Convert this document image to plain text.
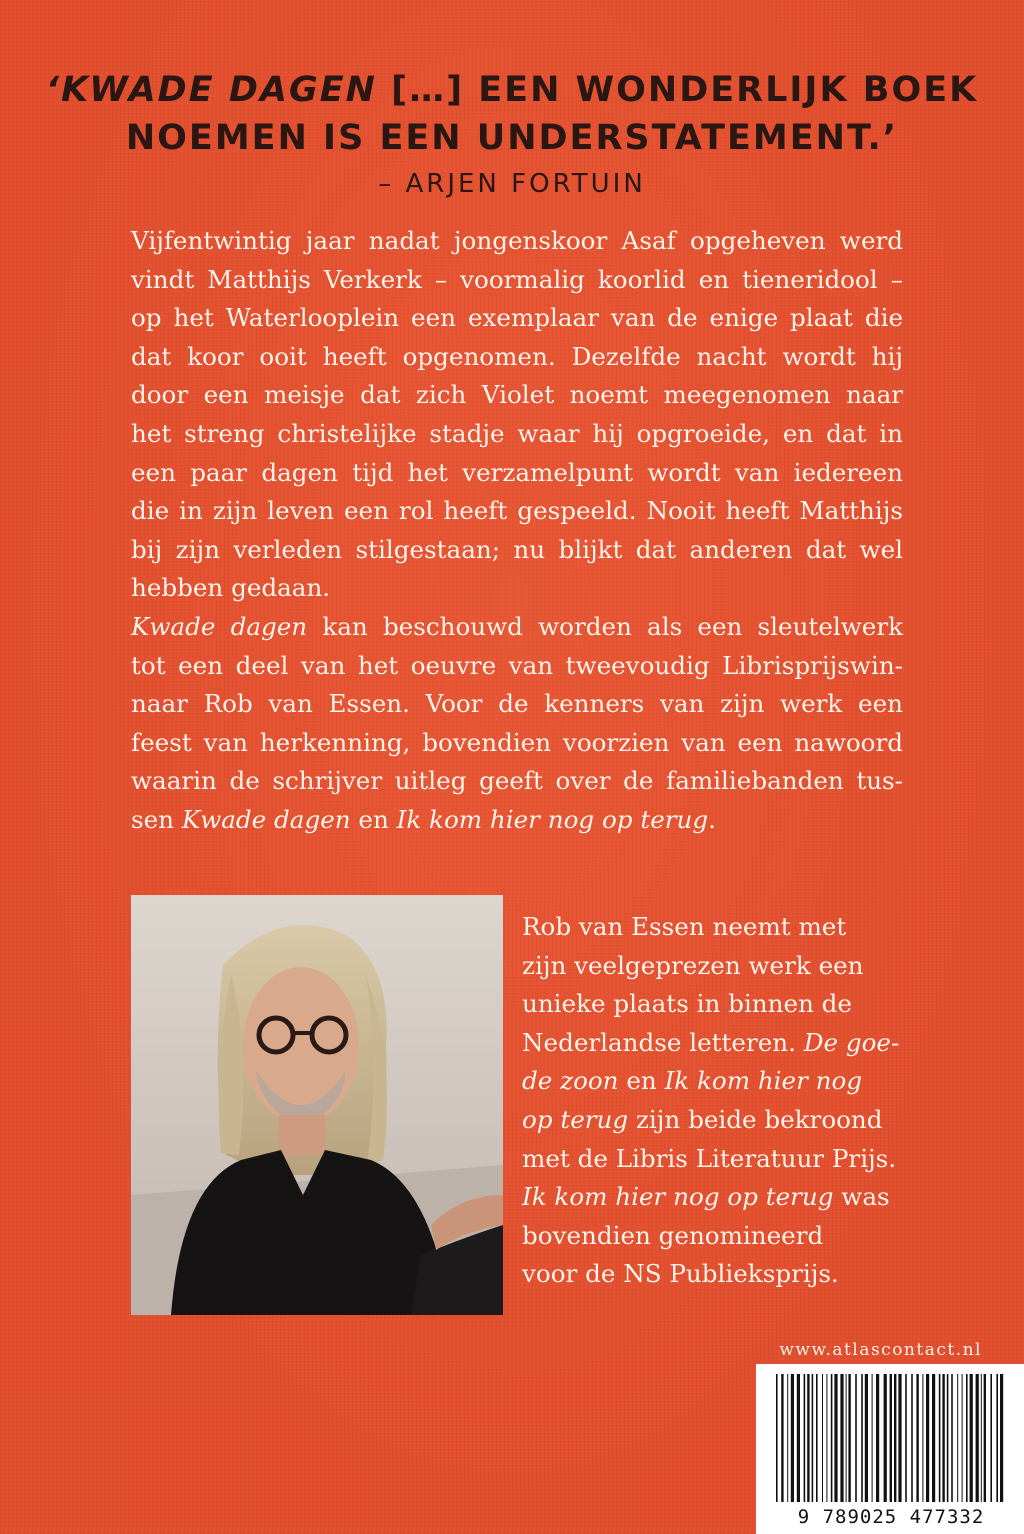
‘KWADE DAGEN […] EEN WONDERLIJK BOEK
NOEMEN IS EEN UNDERSTATEMENT.’
– ARJEN FORTUIN

Vijfentwintig jaar nadat jongenskoor Asaf opgeheven werd
vindt Matthijs Verkerk – voormalig koorlid en tieneridool –
op het Waterlooplein een exemplaar van de enige plaat die
dat koor ooit heeft opgenomen. Dezelfde nacht wordt hij
door een meisje dat zich Violet noemt meegenomen naar
het streng christelijke stadje waar hij opgroeide, en dat in
een paar dagen tijd het verzamelpunt wordt van iedereen
die in zijn leven een rol heeft gespeeld. Nooit heeft Matthijs
bij zijn verleden stilgestaan; nu blijkt dat anderen dat wel
hebben gedaan.

Kwade dagen kan beschouwd worden als een sleutelwerk
tot een deel van het oeuvre van tweevoudig Librisprijswin-
naar Rob van Essen. Voor de kenners van zijn werk een
feest van herkenning, bovendien voorzien van een nawoord
waarin de schrijver uitleg geeft over de familiebanden tus-
sen Kwade dagen en Ik kom hier nog op terug.

Rob van Essen neemt met
zijn veelgeprezen werk een
unieke plaats in binnen de
Nederlandse letteren. De goe-
de zoon en Ik kom hier nog
op terug zijn beide bekroond
met de Libris Literatuur Prijs.
Ik kom hier nog op terug was
bovendien genomineerd
voor de NS Publieksprijs.
www.atlascontact.nl
9 789025 477332
